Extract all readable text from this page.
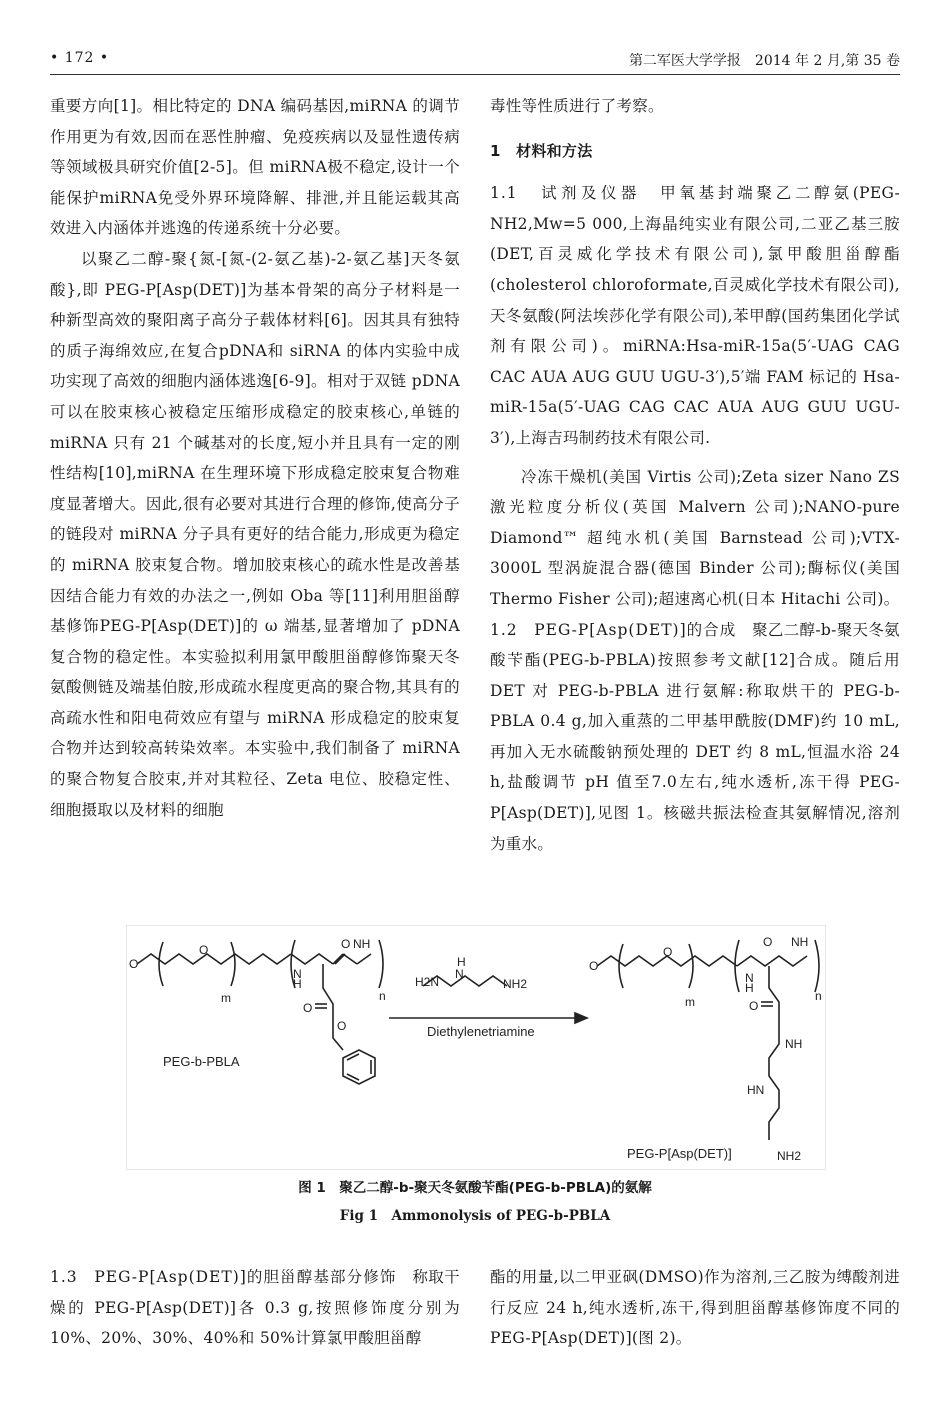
• 172 •	第二军医大学学报　2014 年 2 月,第 35 卷

重要方向[1]。相比特定的 DNA 编码基因,miRNA 的调节作用更为有效,因而在恶性肿瘤、免疫疾病以及显性遗传病等领域极具研究价值[2-5]。但 miRNA极不稳定,设计一个能保护miRNA免受外界环境降解、排泄,并且能运载其高效进入内涵体并逃逸的传递系统十分必要。

以聚乙二醇-聚{氮-[氮-(2-氨乙基)-2-氨乙基]天冬氨酸},即 PEG-P[Asp(DET)]为基本骨架的高分子材料是一种新型高效的聚阳离子高分子载体材料[6]。因其具有独特的质子海绵效应,在复合pDNA和 siRNA 的体内实验中成功实现了高效的细胞内涵体逃逸[6-9]。相对于双链 pDNA 可以在胶束核心被稳定压缩形成稳定的胶束核心,单链的 miRNA 只有 21 个碱基对的长度,短小并且具有一定的刚性结构[10],miRNA 在生理环境下形成稳定胶束复合物难度显著增大。因此,很有必要对其进行合理的修饰,使高分子的链段对 miRNA 分子具有更好的结合能力,形成更为稳定的 miRNA 胶束复合物。增加胶束核心的疏水性是改善基因结合能力有效的办法之一,例如 Oba 等[11]利用胆甾醇基修饰PEG-P[Asp(DET)]的 ω 端基,显著增加了 pDNA 复合物的稳定性。本实验拟利用氯甲酸胆甾醇修饰聚天冬氨酸侧链及端基伯胺,形成疏水程度更高的聚合物,其具有的高疏水性和阳电荷效应有望与 miRNA 形成稳定的胶束复合物并达到较高转染效率。本实验中,我们制备了 miRNA 的聚合物复合胶束,并对其粒径、Zeta 电位、胶稳定性、细胞摄取以及材料的细胞

毒性等性质进行了考察。

1　材料和方法

1.1　试剂及仪器　 甲氧基封端聚乙二醇氨(PEG-NH2,Mw=5 000,上海晶纯实业有限公司,二亚乙基三胺(DET,百灵威化学技术有限公司),氯甲酸胆甾醇酯(cholesterol chloroformate,百灵威化学技术有限公司),天冬氨酸(阿法埃莎化学有限公司),苯甲醇(国药集团化学试剂有限公司)。miRNA:Hsa-miR-15a(5′-UAG CAG CAC AUA AUG GUU UGU-3′),5′端 FAM 标记的 Hsa-miR-15a(5′-UAG CAG CAC AUA AUG GUU UGU-3′),上海吉玛制药技术有限公司.

冷冻干燥机(美国 Virtis 公司);Zeta sizer Nano ZS 激光粒度分析仪(英国 Malvern 公司);NANO-pure Diamond™ 超纯水机(美国 Barnstead 公司);VTX-3000L 型涡旋混合器(德国 Binder 公司);酶标仪(美国 Thermo Fisher 公司);超速离心机(日本 Hitachi 公司)。

1.2　PEG-P[Asp(DET)]的合成　 聚乙二醇-b-聚天冬氨酸苄酯(PEG-b-PBLA)按照参考文献[12]合成。随后用 DET 对 PEG-b-PBLA 进行氨解:称取烘干的 PEG-b-PBLA 0.4 g,加入重蒸的二甲基甲酰胺(DMF)约 10 mL,再加入无水硫酸钠预处理的 DET 约 8 mL,恒温水浴 24 h,盐酸调节 pH 值至7.0左右,纯水透析,冻干得 PEG-P[Asp(DET)],见图 1。核磁共振法检查其氨解情况,溶剂为重水。

O
O
m
N
H
O NH
n
O
O
H2N
H
N
NH2
O
O
m
N
H
O NH
n
O
NH
HN
NH2
PEG-b-PBLA
Diethylenetriamine
PEG-P[Asp(DET)]
图 1　聚乙二醇-b-聚天冬氨酸苄酯(PEG-b-PBLA)的氨解
Fig 1　Ammonolysis of PEG-b-PBLA

1.3　PEG-P[Asp(DET)]的胆甾醇基部分修饰　 称取干燥的 PEG-P[Asp(DET)]各 0.3 g,按照修饰度分别为 10%、20%、30%、40%和 50%计算氯甲酸胆甾醇

酯的用量,以二甲亚砜(DMSO)作为溶剂,三乙胺为缚酸剂进行反应 24 h,纯水透析,冻干,得到胆甾醇基修饰度不同的 PEG-P[Asp(DET)](图 2)。
